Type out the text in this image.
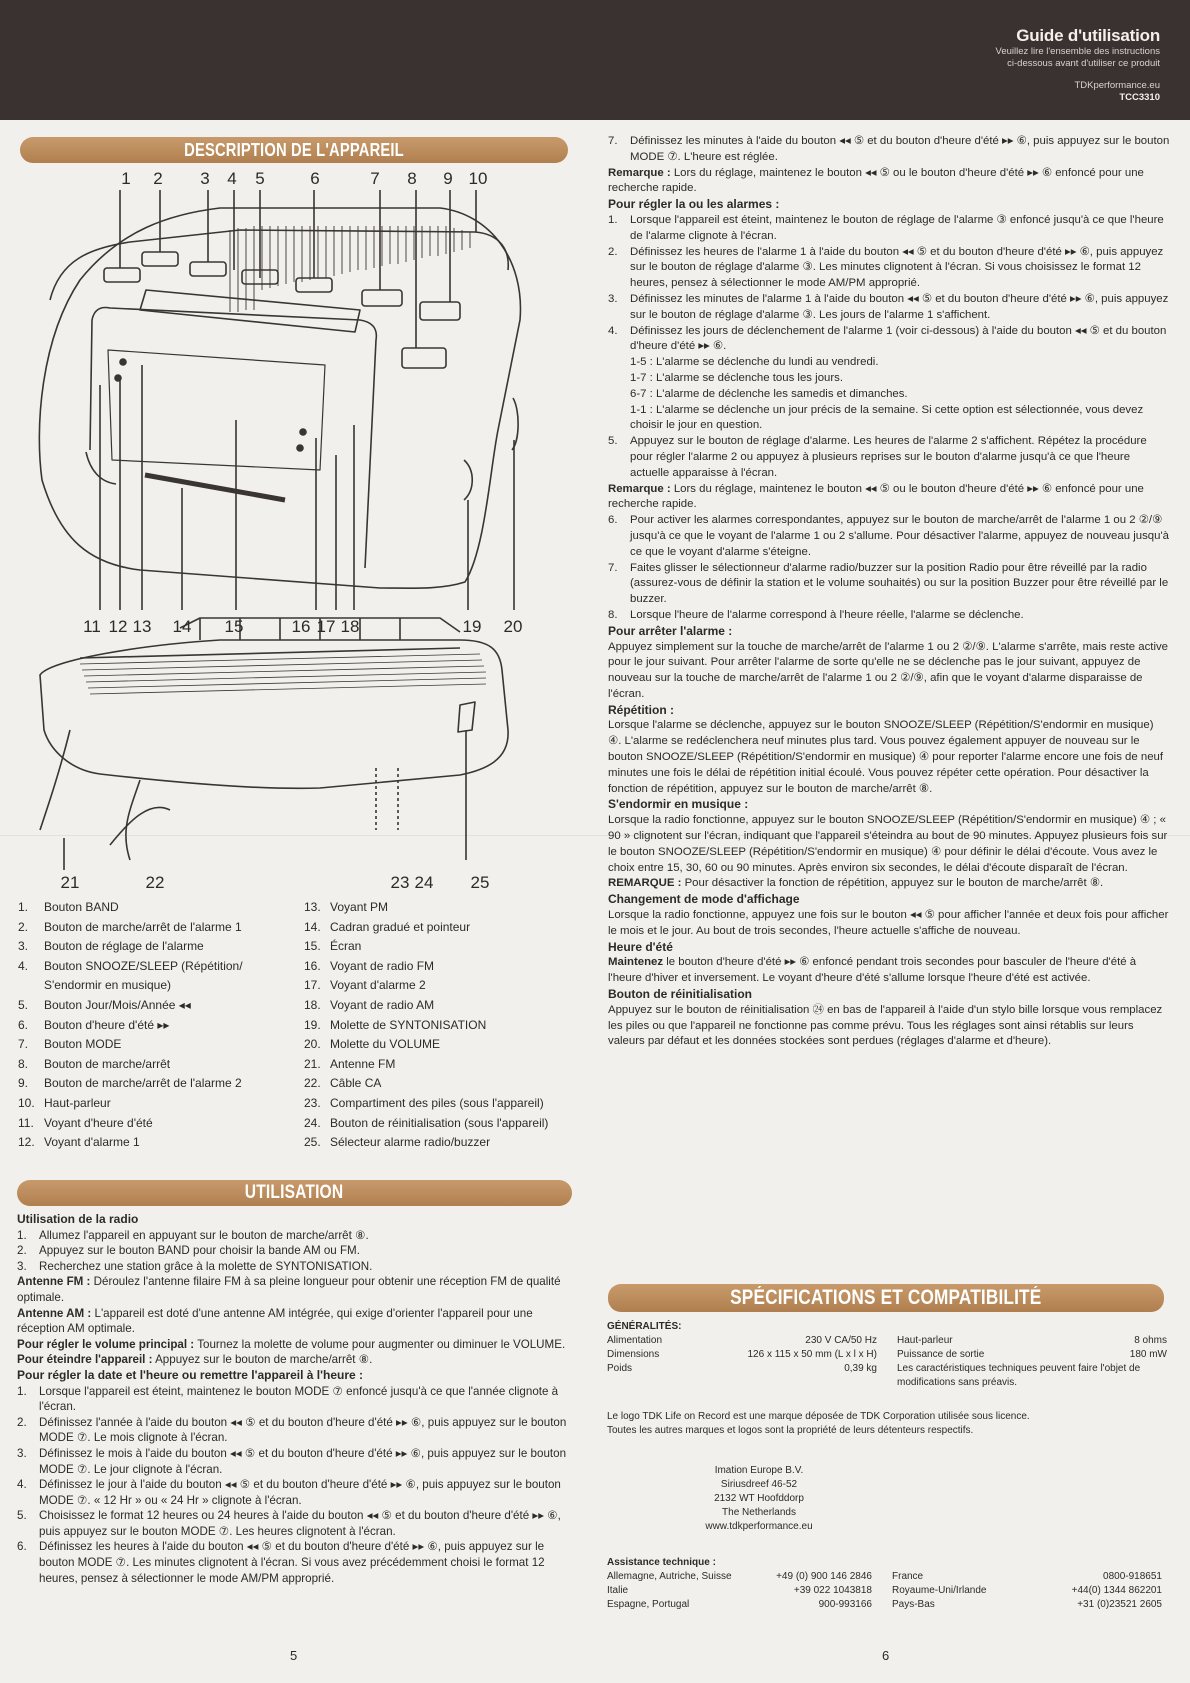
Guide d'utilisation
Veuillez lire l'ensemble des instructions
ci-dessous avant d'utiliser ce produit
TDKperformance.eu
TCC3310
DESCRIPTION DE L'APPAREIL
1 2 3 4 5	6	7 8 9 10
11 12 13 14 15	16 17 18	19 20
21	22	23 24 25
1.	Bouton BAND
2.	Bouton de marche/arrêt de l'alarme 1
3.	Bouton de réglage de l'alarme
4.	Bouton SNOOZE/SLEEP (Répétition/
S'endormir en musique)
5.	Bouton Jour/Mois/Année ◂◂
6.	Bouton d'heure d'été ▸▸
7.	Bouton MODE
8.	Bouton de marche/arrêt
9.	Bouton de marche/arrêt de l'alarme 2
10. Haut-parleur
11. Voyant d'heure d'été
12. Voyant d'alarme 1
13. Voyant PM
14. Cadran gradué et pointeur
15. Écran
16. Voyant de radio FM
17. Voyant d'alarme 2
18. Voyant de radio AM
19. Molette de SYNTONISATION
20. Molette du VOLUME
21. Antenne FM
22. Câble CA
23. Compartiment des piles (sous l'appareil)
24. Bouton de réinitialisation (sous l'appareil)
25. Sélecteur alarme radio/buzzer
UTILISATION

Utilisation de la radio

1.	Allumez l'appareil en appuyant sur le bouton de marche/arrêt ⑧.
2.	Appuyez sur le bouton BAND pour choisir la bande AM ou FM.
3.	Recherchez une station grâce à la molette de SYNTONISATION.

Antenne FM : Déroulez l'antenne filaire FM à sa pleine longueur pour obtenir une réception FM de qualité optimale.

Antenne AM : L'appareil est doté d'une antenne AM intégrée, qui exige d'orienter l'appareil pour une réception AM optimale.

Pour régler le volume principal : Tournez la molette de volume pour augmenter ou diminuer le VOLUME.

Pour éteindre l'appareil : Appuyez sur le bouton de marche/arrêt ⑧.

Pour régler la date et l'heure ou remettre l'appareil à l'heure :

1.	Lorsque l'appareil est éteint, maintenez le bouton MODE ⑦ enfoncé jusqu'à ce que l'année clignote à l'écran.
2.	Définissez l'année à l'aide du bouton ◂◂ ⑤ et du bouton d'heure d'été ▸▸ ⑥, puis appuyez sur le bouton MODE ⑦. Le mois clignote à l'écran.
3.	Définissez le mois à l'aide du bouton ◂◂ ⑤ et du bouton d'heure d'été ▸▸ ⑥, puis appuyez sur le bouton MODE ⑦. Le jour clignote à l'écran.
4.	Définissez le jour à l'aide du bouton ◂◂ ⑤ et du bouton d'heure d'été ▸▸ ⑥, puis appuyez sur le bouton MODE ⑦. « 12 Hr » ou « 24 Hr » clignote à l'écran.
5.	Choisissez le format 12 heures ou 24 heures à l'aide du bouton ◂◂ ⑤ et du bouton d'heure d'été ▸▸ ⑥, puis appuyez sur le bouton MODE ⑦. Les heures clignotent à l'écran.
6.	Définissez les heures à l'aide du bouton ◂◂ ⑤ et du bouton d'heure d'été ▸▸ ⑥, puis appuyez sur le bouton MODE ⑦. Les minutes clignotent à l'écran. Si vous avez précédemment choisi le format 12 heures, pensez à sélectionner le mode AM/PM approprié.
5
7.	Définissez les minutes à l'aide du bouton ◂◂ ⑤ et du bouton d'heure d'été ▸▸ ⑥, puis appuyez sur le bouton MODE ⑦. L'heure est réglée.

Remarque : Lors du réglage, maintenez le bouton ◂◂ ⑤ ou le bouton d'heure d'été ▸▸ ⑥ enfoncé pour une recherche rapide.

Pour régler la ou les alarmes :

1.	Lorsque l'appareil est éteint, maintenez le bouton de réglage de l'alarme ③ enfoncé jusqu'à ce que l'heure de l'alarme clignote à l'écran.
2.	Définissez les heures de l'alarme 1 à l'aide du bouton ◂◂ ⑤ et du bouton d'heure d'été ▸▸ ⑥, puis appuyez sur le bouton de réglage d'alarme ③. Les minutes clignotent à l'écran. Si vous choisissez le format 12 heures, pensez à sélectionner le mode AM/PM approprié.
3.	Définissez les minutes de l'alarme 1 à l'aide du bouton ◂◂ ⑤ et du bouton d'heure d'été ▸▸ ⑥, puis appuyez sur le bouton de réglage d'alarme ③. Les jours de l'alarme 1 s'affichent.
4.	Définissez les jours de déclenchement de l'alarme 1 (voir ci-dessous) à l'aide du bouton ◂◂ ⑤ et du bouton d'heure d'été ▸▸ ⑥.

1-5 : L'alarme se déclenche du lundi au vendredi.

1-7 : L'alarme se déclenche tous les jours.

6-7 : L'alarme de déclenche les samedis et dimanches.

1-1 : L'alarme se déclenche un jour précis de la semaine. Si cette option est sélectionnée, vous devez choisir le jour en question.

5.	Appuyez sur le bouton de réglage d'alarme. Les heures de l'alarme 2 s'affichent. Répétez la procédure pour régler l'alarme 2 ou appuyez à plusieurs reprises sur le bouton d'alarme jusqu'à ce que l'heure actuelle apparaisse à l'écran.

Remarque : Lors du réglage, maintenez le bouton ◂◂ ⑤ ou le bouton d'heure d'été ▸▸ ⑥ enfoncé pour une recherche rapide.

6.	Pour activer les alarmes correspondantes, appuyez sur le bouton de marche/arrêt de l'alarme 1 ou 2 ②/⑨ jusqu'à ce que le voyant de l'alarme 1 ou 2 s'allume. Pour désactiver l'alarme, appuyez de nouveau jusqu'à ce que le voyant d'alarme s'éteigne.
7.	Faites glisser le sélectionneur d'alarme radio/buzzer sur la position Radio pour être réveillé par la radio (assurez-vous de définir la station et le volume souhaités) ou sur la position Buzzer pour être réveillé par le buzzer.
8.	Lorsque l'heure de l'alarme correspond à l'heure réelle, l'alarme se déclenche.

Pour arrêter l'alarme :

Appuyez simplement sur la touche de marche/arrêt de l'alarme 1 ou 2 ②/⑨. L'alarme s'arrête, mais reste active pour le jour suivant. Pour arrêter l'alarme de sorte qu'elle ne se déclenche pas le jour suivant, appuyez de nouveau sur la touche de marche/arrêt de l'alarme 1 ou 2 ②/⑨, afin que le voyant d'alarme disparaisse de l'écran.

Répétition :

Lorsque l'alarme se déclenche, appuyez sur le bouton SNOOZE/SLEEP (Répétition/S'endormir en musique) ④. L'alarme se redéclenchera neuf minutes plus tard. Vous pouvez également appuyer de nouveau sur le bouton SNOOZE/SLEEP (Répétition/S'endormir en musique) ④ pour reporter l'alarme encore une fois de neuf minutes une fois le délai de répétition initial écoulé. Vous pouvez répéter cette opération. Pour désactiver la fonction de répétition, appuyez sur le bouton de marche/arrêt ⑧.

S'endormir en musique :

Lorsque la radio fonctionne, appuyez sur le bouton SNOOZE/SLEEP (Répétition/S'endormir en musique) ④ ; « 90 » clignotent sur l'écran, indiquant que l'appareil s'éteindra au bout de 90 minutes. Appuyez plusieurs fois sur le bouton SNOOZE/SLEEP (Répétition/S'endormir en musique) ④ pour définir le délai d'écoute. Vous avez le choix entre 15, 30, 60 ou 90 minutes. Après environ six secondes, le délai d'écoute disparaît de l'écran.

REMARQUE : Pour désactiver la fonction de répétition, appuyez sur le bouton de marche/arrêt ⑧.

Changement de mode d'affichage

Lorsque la radio fonctionne, appuyez une fois sur le bouton ◂◂ ⑤ pour afficher l'année et deux fois pour afficher le mois et le jour. Au bout de trois secondes, l'heure actuelle s'affiche de nouveau.

Heure d'été

Maintenez le bouton d'heure d'été ▸▸ ⑥ enfoncé pendant trois secondes pour basculer de l'heure d'été à l'heure d'hiver et inversement. Le voyant d'heure d'été s'allume lorsque l'heure d'été est activée.

Bouton de réinitialisation

Appuyez sur le bouton de réinitialisation ㉔ en bas de l'appareil à l'aide d'un stylo bille lorsque vous remplacez les piles ou que l'appareil ne fonctionne pas comme prévu. Tous les réglages sont ainsi rétablis sur leurs valeurs par défaut et les données stockées sont perdues (réglages d'alarme et d'heure).

SPÉCIFICATIONS ET COMPATIBILITÉ
GÉNÉRALITÉS:
Alimentation	230 V CA/50 Hz
Dimensions	126 x 115 x 50 mm (L x l x H)
Poids	0,39 kg
Haut-parleur	8 ohms
Puissance de sortie	180 mW
Les caractéristiques techniques peuvent faire l'objet de modifications sans préavis.
Le logo TDK Life on Record est une marque déposée de TDK Corporation utilisée sous licence.
Toutes les autres marques et logos sont la propriété de leurs détenteurs respectifs.
Imation Europe B.V.
Siriusdreef 46-52
2132 WT Hoofddorp
The Netherlands
www.tdkperformance.eu
Assistance technique :
Allemagne, Autriche, Suisse	+49 (0) 900 146 2846
Italie	+39 022 1043818
Espagne, Portugal	900-993166
France	0800-918651
Royaume-Uni/Irlande	+44(0) 1344 862201
Pays-Bas	+31 (0)23521 2605
6
